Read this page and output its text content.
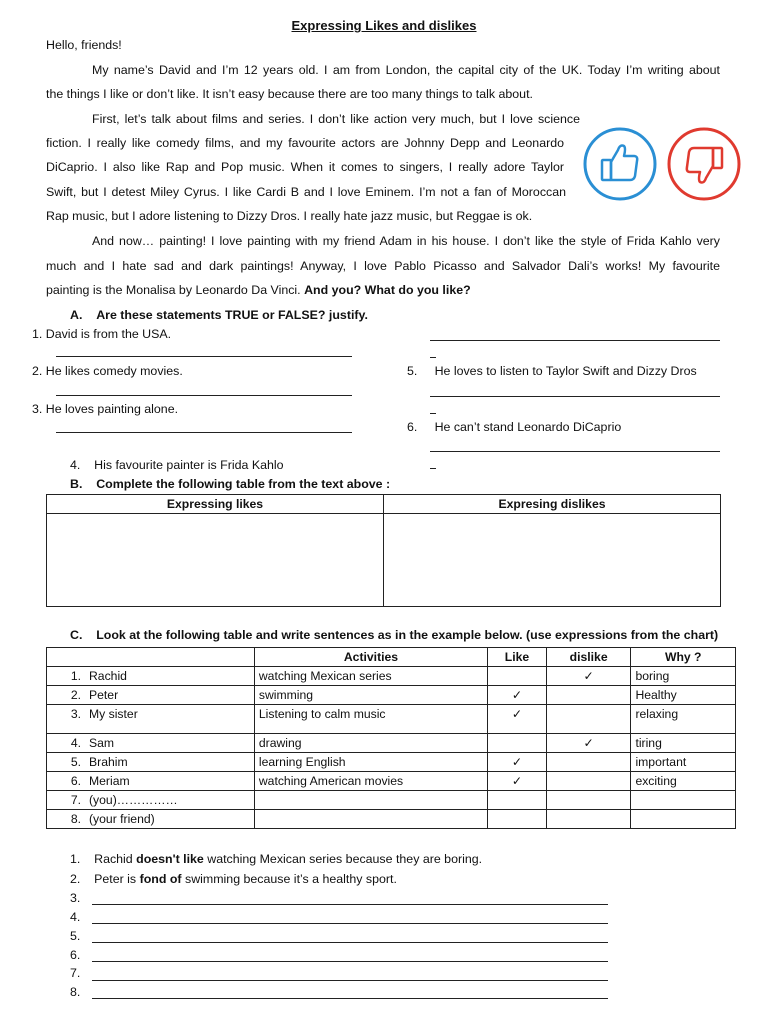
Expressing Likes and dislikes
Hello, friends!
My name’s David and I’m 12 years old. I am from London, the capital city of the UK. Today I’m writing about
the things I like or don’t like. It isn’t easy because there are too many things to talk about.
First, let’s talk about films and series. I don’t like action very much, but I love science
fiction. I really like comedy films, and my favourite actors are Johnny Depp and Leonardo
DiCaprio. I also like Rap and Pop music. When it comes to singers, I really adore Taylor
Swift, but I detest Miley Cyrus. I like Cardi B and I love Eminem. I’m not a fan of Moroccan
Rap music, but I adore listening to Dizzy Dros. I really hate jazz music, but Reggae is ok.
And now… painting! I love painting with my friend Adam in his house. I don’t like the style of Frida Kahlo very
much and I hate sad and dark paintings! Anyway, I love Pablo Picasso and Salvador Dali’s works! My favourite
painting is the Monalisa by Leonardo Da Vinci. And you? What do you like?
A. Are these statements TRUE or FALSE? justify.
1. David is from the USA.
2. He likes comedy movies.
3. He loves painting alone.
4. His favourite painter is Frida Kahlo
5. He loves to listen to Taylor Swift and Dizzy Dros
6. He can’t stand Leonardo DiCaprio
B. Complete the following table from the text above :
Expressing likes	Expresing dislikes

C. Look at the following table and write sentences as in the example below. (use expressions from the chart)
	Activities	Like	dislike	Why ?
1. Rachid	watching Mexican series		✓	boring
2. Peter	swimming	✓		Healthy
3. My sister	Listening to calm music	✓		relaxing
4. Sam	drawing		✓	tiring
5. Brahim	learning English	✓		important
6. Meriam	watching American movies	✓		exciting
7. (you)……………				
8. (your friend)				
1. Rachid doesn't like watching Mexican series because they are boring.
2. Peter is fond of swimming because it’s a healthy sport.
3.
4.
5.
6.
7.
8.
